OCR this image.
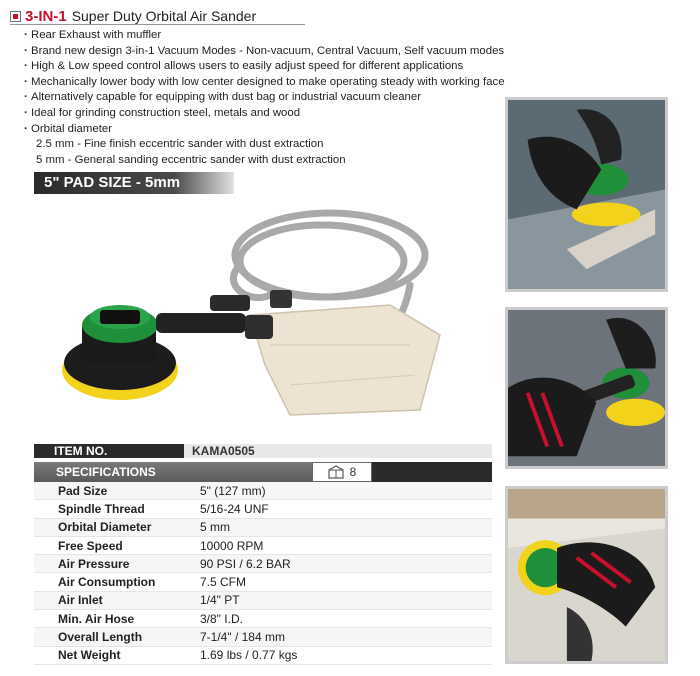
3-IN-1 Super Duty Orbital Air Sander
· Rear Exhaust with muffler
· Brand new design 3-in-1 Vacuum Modes - Non-vacuum, Central Vacuum, Self vacuum modes
· High & Low speed control allows users to easily adjust speed for different applications
· Mechanically lower body with low center designed to make operating steady with working face
· Alternatively capable for equipping with dust bag or industrial vacuum cleaner
· Ideal for grinding construction steel, metals and wood
· Orbital diameter
2.5 mm - Fine finish eccentric sander with dust extraction
5 mm - General sanding eccentric sander with dust extraction
5" PAD SIZE - 5mm
ITEM NO.	KAMA0505
SPECIFICATIONS	8
Pad Size	5" (127 mm)
Spindle Thread	5/16-24 UNF
Orbital Diameter	5 mm
Free Speed	10000 RPM
Air Pressure	90 PSI / 6.2 BAR
Air Consumption	7.5 CFM
Air Inlet	1/4" PT
Min. Air Hose	3/8" I.D.
Overall Length	7-1/4" / 184 mm
Net Weight	1.69 lbs / 0.77 kgs
